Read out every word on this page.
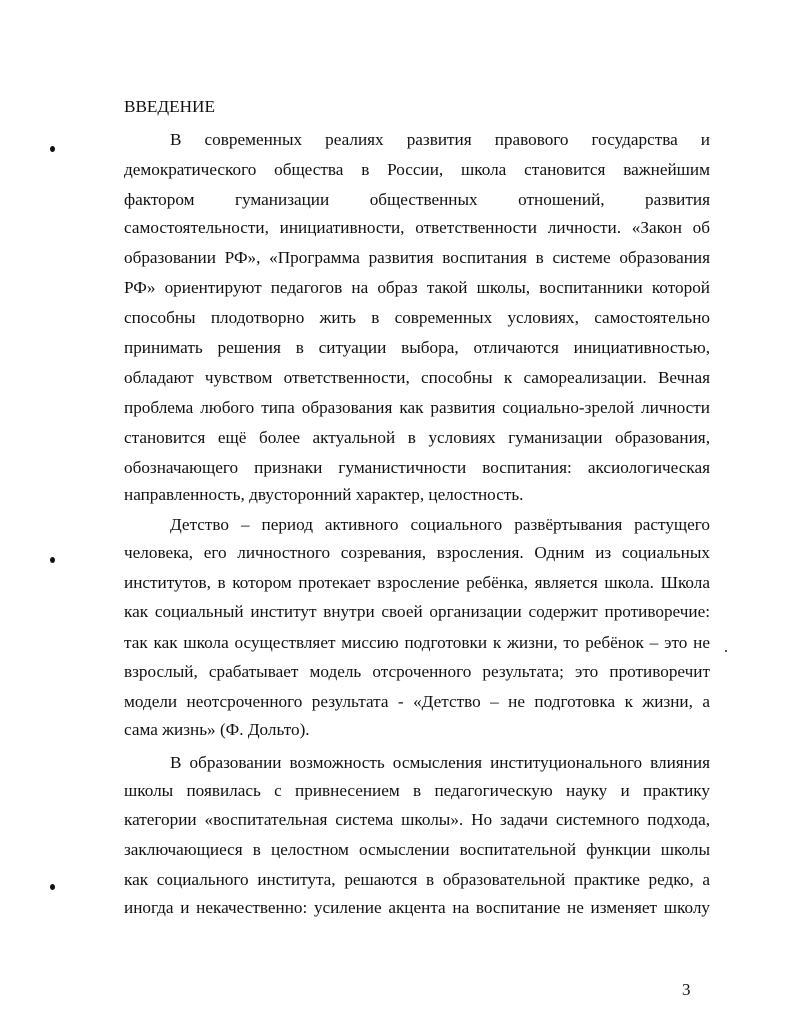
ВВЕДЕНИЕ
В современных реалиях развития правового государства и
демократического общества в России, школа становится важнейшим
фактором гуманизации общественных отношений, развития
самостоятельности, инициативности, ответственности личности. «Закон об
образовании РФ», «Программа развития воспитания в системе образования
РФ» ориентируют педагогов на образ такой школы, воспитанники которой
способны плодотворно жить в современных условиях, самостоятельно
принимать решения в ситуации выбора, отличаются инициативностью,
обладают чувством ответственности, способны к самореализации. Вечная
проблема любого типа образования как развития социально-зрелой личности
становится ещё более актуальной в условиях гуманизации образования,
обозначающего признаки гуманистичности воспитания: аксиологическая
направленность, двусторонний характер, целостность.
Детство – период активного социального развёртывания растущего
человека, его личностного созревания, взросления. Одним из социальных
институтов, в котором протекает взросление ребёнка, является школа. Школа
как социальный институт внутри своей организации содержит противоречие:
так как школа осуществляет миссию подготовки к жизни, то ребёнок – это не
взрослый, срабатывает модель отсроченного результата; это противоречит
модели неотсроченного результата - «Детство – не подготовка к жизни, а
сама жизнь» (Ф. Дольто).
В образовании возможность осмысления институционального влияния
школы появилась с привнесением в педагогическую науку и практику
категории «воспитательная система школы». Но задачи системного подхода,
заключающиеся в целостном осмыслении воспитательной функции школы
как социального института, решаются в образовательной практике редко, а
иногда и некачественно: усиление акцента на воспитание не изменяет школу
3
